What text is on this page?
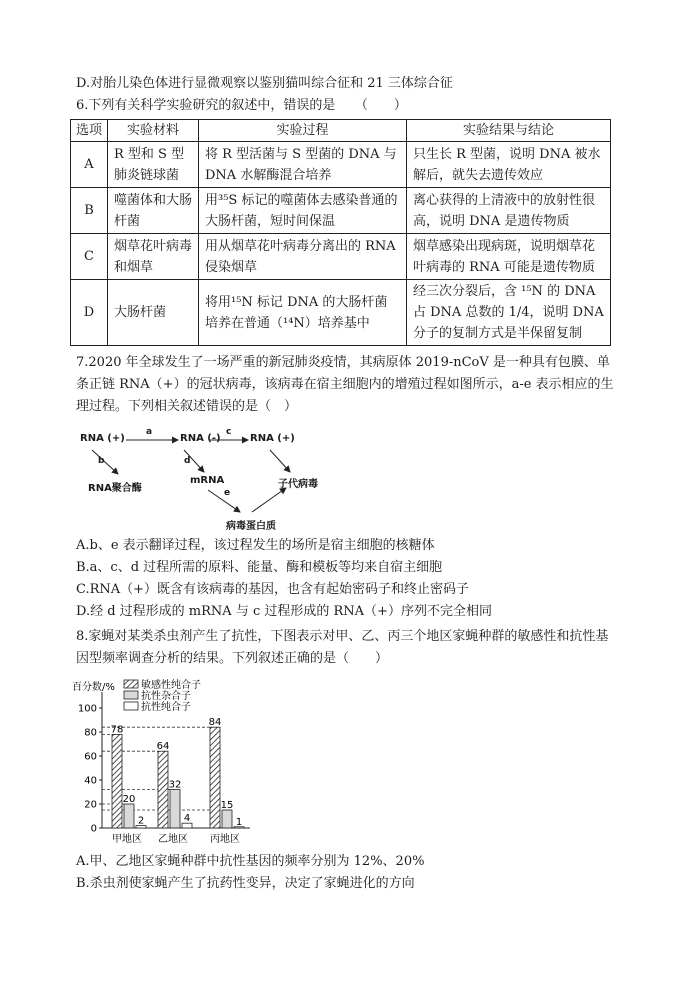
D.对胎儿染色体进行显微观察以鉴别猫叫综合征和 21 三体综合征
6.下列有关科学实验研究的叙述中，错误的是　　（　　）
选项	实验材料	实验过程	实验结果与结论
A	R 型和 S 型肺炎链球菌	将 R 型活菌与 S 型菌的 DNA 与 DNA 水解酶混合培养	只生长 R 型菌，说明 DNA 被水解后，就失去遗传效应
B	噬菌体和大肠杆菌	用³⁵S 标记的噬菌体去感染普通的大肠杆菌，短时间保温	离心获得的上清液中的放射性很高，说明 DNA 是遗传物质
C	烟草花叶病毒和烟草	用从烟草花叶病毒分离出的 RNA 侵染烟草	烟草感染出现病斑，说明烟草花叶病毒的 RNA 可能是遗传物质
D	大肠杆菌	将用¹⁵N 标记 DNA 的大肠杆菌培养在普通（¹⁴N）培养基中	经三次分裂后，含 ¹⁵N 的 DNA 占 DNA 总数的 1/4，说明 DNA 分子的复制方式是半保留复制
7.2020 年全球发生了一场严重的新冠肺炎疫情，其病原体 2019-nCoV 是一种具有包膜、单条正链 RNA（+）的冠状病毒，该病毒在宿主细胞内的增殖过程如图所示，a-e 表示相应的生理过程。下列相关叙述错误的是（　）
RNA (+)	RNA (-)	RNA (+)
RNA聚合酶
mRNA	子代病毒
病毒蛋白质
a	c
b	d
e
A.b、e 表示翻译过程，该过程发生的场所是宿主细胞的核糖体
B.a、c、d 过程所需的原料、能量、酶和模板等均来自宿主细胞
C.RNA（+）既含有该病毒的基因，也含有起始密码子和终止密码子
D.经 d 过程形成的 mRNA 与 c 过程形成的 RNA（+）序列不完全相同
8.家蝇对某类杀虫剂产生了抗性，下图表示对甲、乙、丙三个地区家蝇种群的敏感性和抗性基因型频率调查分析的结果。下列叙述正确的是（　　）
百分数/%
0
20
40
60
80
100
78
20
2
甲地区
64
32
4
乙地区
84
15
1
丙地区
敏感性纯合子
抗性杂合子
抗性纯合子
A.甲、乙地区家蝇种群中抗性基因的频率分别为 12%、20%
B.杀虫剂使家蝇产生了抗药性变异，决定了家蝇进化的方向
